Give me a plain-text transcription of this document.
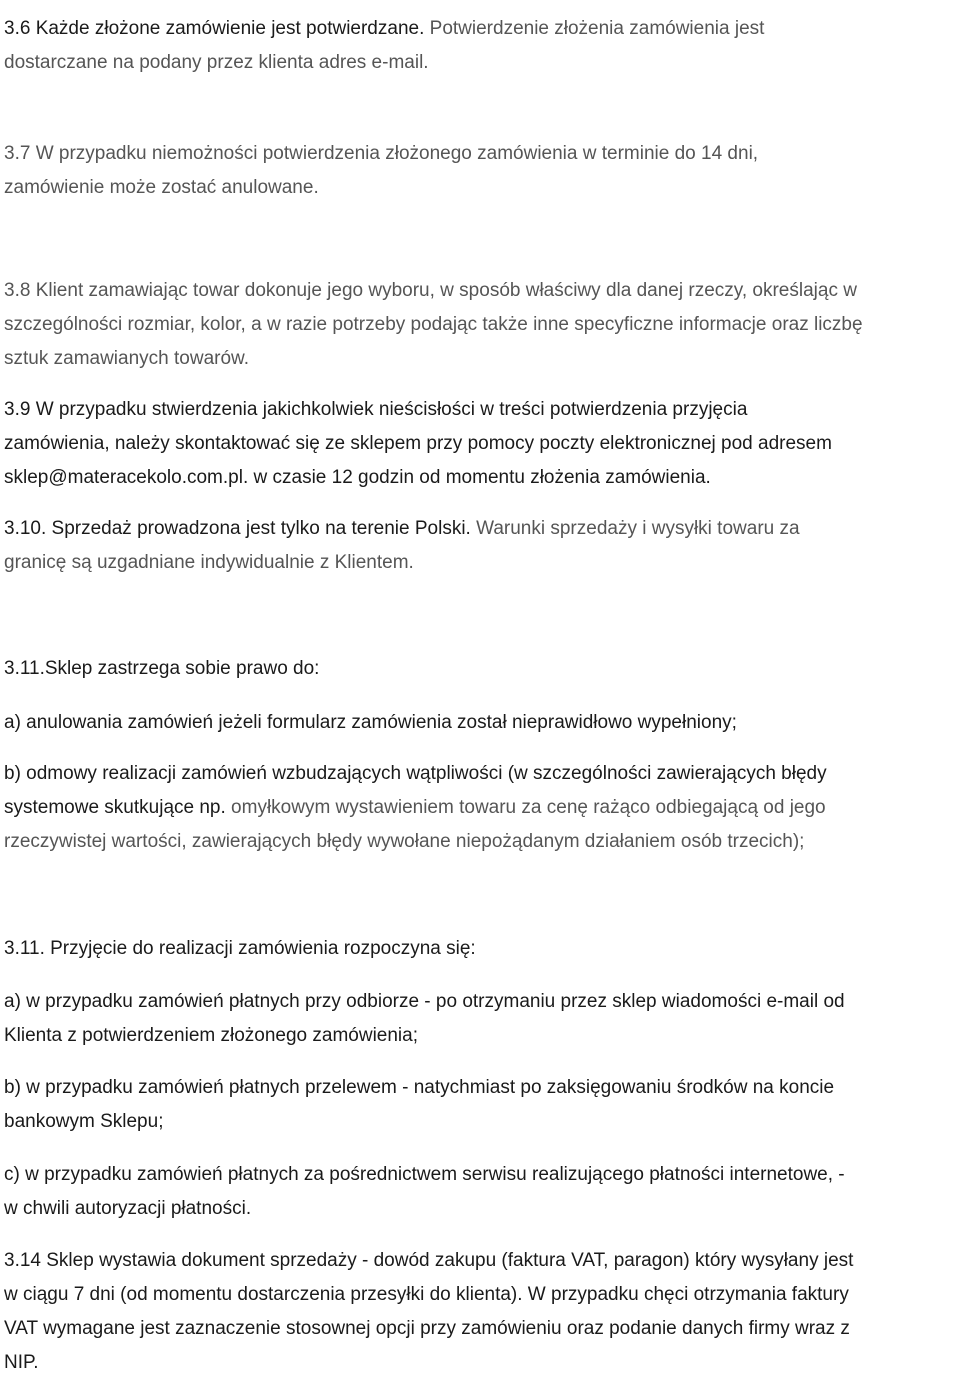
3.6 Każde złożone zamówienie jest potwierdzane. Potwierdzenie złożenia zamówienia jest
dostarczane na podany przez klienta adres e-mail.
3.7 W przypadku niemożności potwierdzenia złożonego zamówienia w terminie do 14 dni,
zamówienie może zostać anulowane.
3.8 Klient zamawiając towar dokonuje jego wyboru, w sposób właściwy dla danej rzeczy, określając w
szczególności rozmiar, kolor, a w razie potrzeby podając także inne specyficzne informacje oraz liczbę
sztuk zamawianych towarów.
3.9 W przypadku stwierdzenia jakichkolwiek nieścisłości w treści potwierdzenia przyjęcia
zamówienia, należy skontaktować się ze sklepem przy pomocy poczty elektronicznej pod adresem
sklep@materacekolo.com.pl. w czasie 12 godzin od momentu złożenia zamówienia.
3.10. Sprzedaż prowadzona jest tylko na terenie Polski. Warunki sprzedaży i wysyłki towaru za
granicę są uzgadniane indywidualnie z Klientem.
3.11.Sklep zastrzega sobie prawo do:
a) anulowania zamówień jeżeli formularz zamówienia został nieprawidłowo wypełniony;
b) odmowy realizacji zamówień wzbudzających wątpliwości (w szczególności zawierających błędy
systemowe skutkujące np. omyłkowym wystawieniem towaru za cenę rażąco odbiegającą od jego
rzeczywistej wartości, zawierających błędy wywołane niepożądanym działaniem osób trzecich);
3.11. Przyjęcie do realizacji zamówienia rozpoczyna się:
a) w przypadku zamówień płatnych przy odbiorze - po otrzymaniu przez sklep wiadomości e-mail od
Klienta z potwierdzeniem złożonego zamówienia;
b) w przypadku zamówień płatnych przelewem - natychmiast po zaksięgowaniu środków na koncie
bankowym Sklepu;
c) w przypadku zamówień płatnych za pośrednictwem serwisu realizującego płatności internetowe, -
w chwili autoryzacji płatności.
3.14 Sklep wystawia dokument sprzedaży - dowód zakupu (faktura VAT, paragon) który wysyłany jest
w ciągu 7 dni (od momentu dostarczenia przesyłki do klienta). W przypadku chęci otrzymania faktury
VAT wymagane jest zaznaczenie stosownej opcji przy zamówieniu oraz podanie danych firmy wraz z
NIP.
